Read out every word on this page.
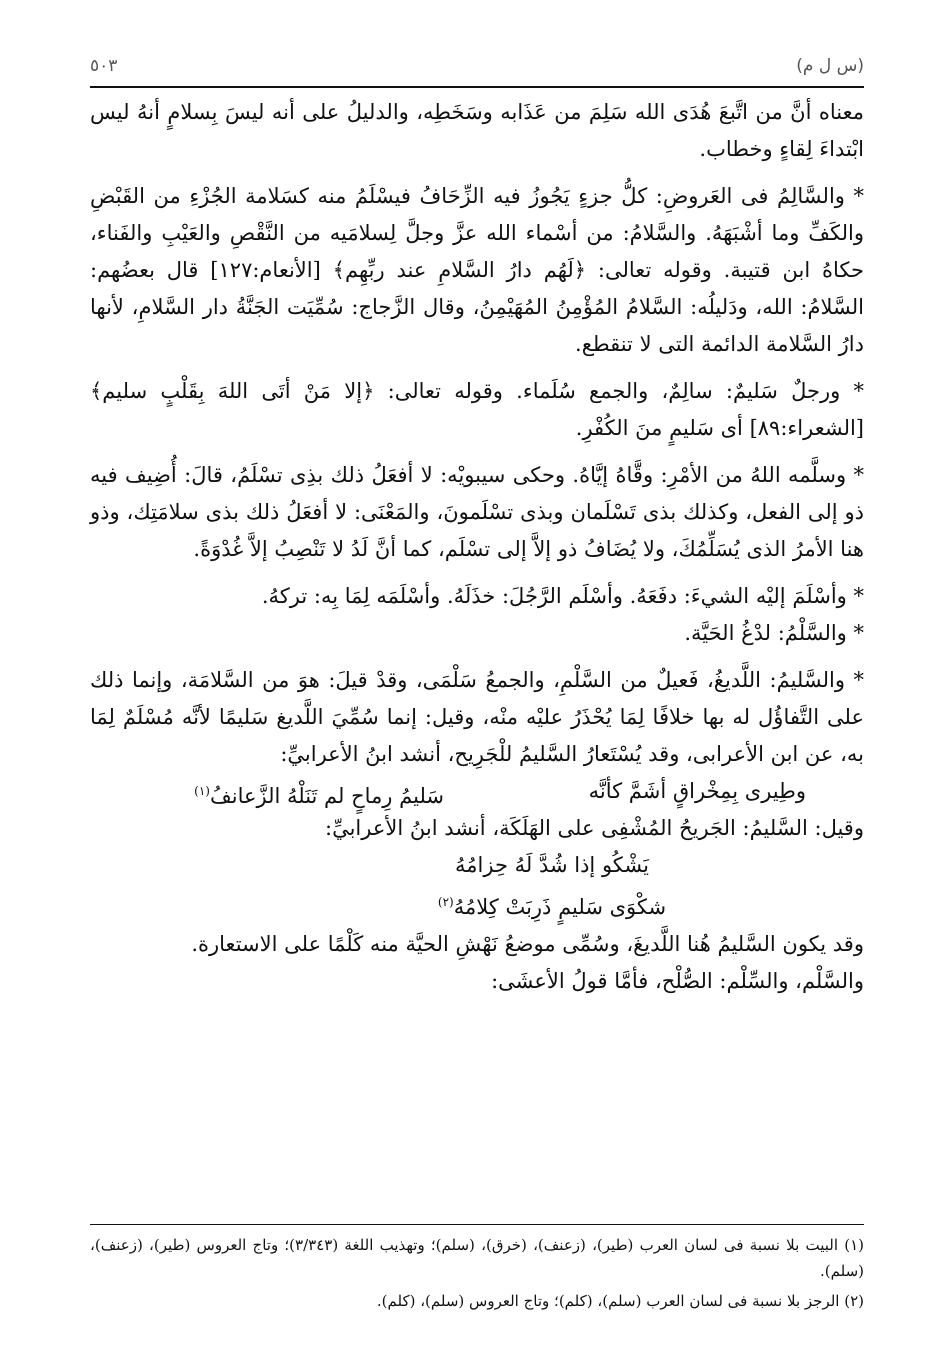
٥٠٣	(س ل م)

معناه أنَّ من اتَّبعَ هُدَى الله سَلِمَ من عَذَابه وسَخَطِه، والدليلُ على أنه ليسَ بِسلامٍ أنهُ ليس ابْتداءَ لِقاءٍ وخطاب.

* والسَّالِمُ فى العَروضِ: كلُّ جزءٍ يَجُوزُ فيه الزِّحَافُ فيسْلَمُ منه كسَلامة الجُزْءِ من القَبْضِ والكَفِّ وما أشْبَهَهُ. والسَّلامُ: من أسْماء الله عزَّ وجلَّ لِسلامَيه من النَّقْصِ والعَيْبِ والفَناء، حكاهُ ابن قتيبة. وقوله تعالى: ﴿لَهُم دارُ السَّلامِ عند ربِّهِم﴾ [الأنعام:١٢٧] قال بعضُهم: السَّلامُ: الله، ودَليلُه: السَّلامُ المُؤْمِنُ المُهَيْمِنُ، وقال الزَّجاج: سُمِّيَت الجَنَّةُ دار السَّلامِ، لأنها دارُ السَّلامة الدائمة التى لا تنقطع.

* ورجلٌ سَليمٌ: سالِمٌ، والجمع سُلَماء. وقوله تعالى: ﴿إلا مَنْ أتَى اللهَ بِقَلْبٍ سليم﴾ [الشعراء:٨٩] أى سَليمٍ منَ الكُفْرِ.

* وسلَّمه اللهُ من الأمْرِ: وقَّاهُ إيَّاهُ. وحكى سيبويْه: لا أفعَلُ ذلك بذِى تسْلَمُ، قالَ: أُضِيف فيه ذو إلى الفعل، وكذلك بذى تَسْلَمان وبذى تسْلَمونَ، والمَعْنَى: لا أفعَلُ ذلك بذى سلامَتِك، وذو هنا الأمرُ الذى يُسَلِّمُكَ، ولا يُضَافُ ذو إلاَّ إلى تسْلَم، كما أنَّ لَدُ لا تَنْصِبُ إلاَّ غُدْوَةً.

* وأسْلَمَ إليْه الشيءَ: دفَعَهُ. وأسْلَم الرَّجُلَ: خذَلَهُ. وأسْلَمَه لِمَا بِه: تركهُ.

* والسَّلْمُ: لدْغُ الحَيَّة.

* والسَّليمُ: اللَّديغُ، فَعيلٌ من السَّلْمِ، والجمعُ سَلْمَى، وقدْ قيلَ: هوَ من السَّلامَة، وإنما ذلك على التَّفاؤُل له بها خلافًا لِمَا يُحْذَرُ عليْه منْه، وقيل: إنما سُمِّيَ اللَّديغ سَليمًا لأنَّه مُسْلَمٌ لِمَا به، عن ابن الأعرابى، وقد يُسْتَعارُ السَّليمُ للْجَرِيح، أنشد ابنُ الأعرابيِّ:

وطِيرى بِمِخْراقٍ أشَمَّ كأنَّه
سَليمُ رِماحٍ لم تَنَلْهُ الزَّعانفُ$^{(١)}$

وقيل: السَّليمُ: الجَريحُ المُشْفِى على الهَلَكَة، أنشد ابنُ الأعرابيِّ:

يَشْكُو إذا شُدَّ لَهُ حِزامُهُ
شكْوَى سَليمٍ ذَرِبَتْ كِلامُهُ$^{(٢)}$

وقد يكون السَّليمُ هُنا اللَّديغَ، وسُمِّى موضعُ نَهْشِ الحيَّة منه كَلْمًا على الاستعارة.

والسَّلْم، والسِّلْم: الصُّلْح، فأمَّا قولُ الأعشَى:

(١) البيت بلا نسبة فى لسان العرب (طير)، (زعنف)، (خرق)، (سلم)؛ وتهذيب اللغة (٣/٣٤٣)؛ وتاج العروس (طير)، (زعنف)، (سلم).

(٢) الرجز بلا نسبة فى لسان العرب (سلم)، (كلم)؛ وتاج العروس (سلم)، (كلم).
